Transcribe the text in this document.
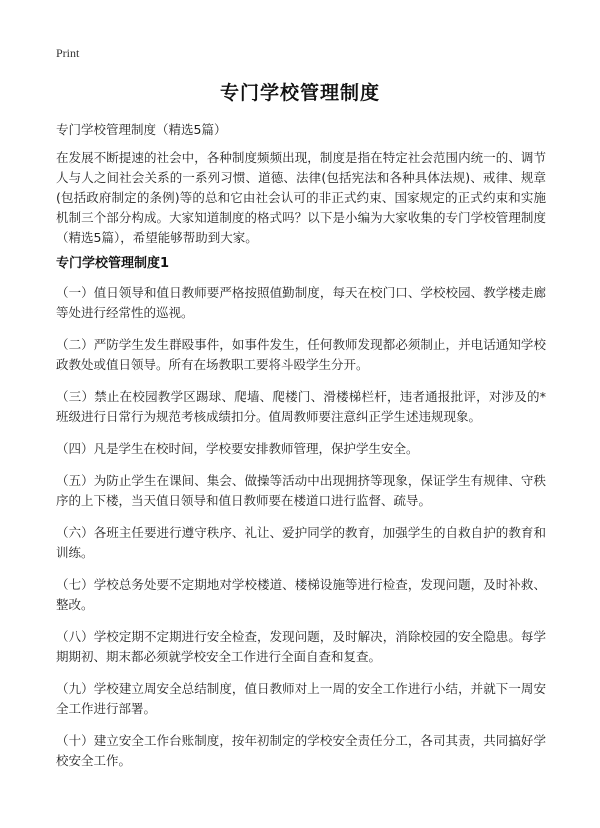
Print
专门学校管理制度
专门学校管理制度（精选5篇）

在发展不断提速的社会中，各种制度频频出现，制度是指在特定社会范围内统一的、调节人与人之间社会关系的一系列习惯、道德、法律(包括宪法和各种具体法规)、戒律、规章(包括政府制定的条例)等的总和它由社会认可的非正式约束、国家规定的正式约束和实施机制三个部分构成。大家知道制度的格式吗？以下是小编为大家收集的专门学校管理制度（精选5篇），希望能够帮助到大家。

专门学校管理制度1
（一）值日领导和值日教师要严格按照值勤制度，每天在校门口、学校校园、教学楼走廊等处进行经常性的巡视。
（二）严防学生发生群殴事件，如事件发生，任何教师发现都必须制止，并电话通知学校政教处或值日领导。所有在场教职工要将斗殴学生分开。
（三）禁止在校园教学区踢球、爬墙、爬楼门、滑楼梯栏杆，违者通报批评，对涉及的*班级进行日常行为规范考核成绩扣分。值周教师要注意纠正学生述违规现象。
（四）凡是学生在校时间，学校要安排教师管理，保护学生安全。
（五）为防止学生在课间、集会、做操等活动中出现拥挤等现象，保证学生有规律、守秩序的上下楼，当天值日领导和值日教师要在楼道口进行监督、疏导。
（六）各班主任要进行遵守秩序、礼让、爱护同学的教育，加强学生的自救自护的教育和训练。
（七）学校总务处要不定期地对学校楼道、楼梯设施等进行检查，发现问题，及时补救、整改。
（八）学校定期不定期进行安全检查，发现问题，及时解决，消除校园的安全隐患。每学期期初、期末都必须就学校安全工作进行全面自查和复查。
（九）学校建立周安全总结制度，值日教师对上一周的安全工作进行小结，并就下一周安全工作进行部署。
（十）建立安全工作台账制度，按年初制定的学校安全责任分工，各司其责，共同搞好学校安全工作。
